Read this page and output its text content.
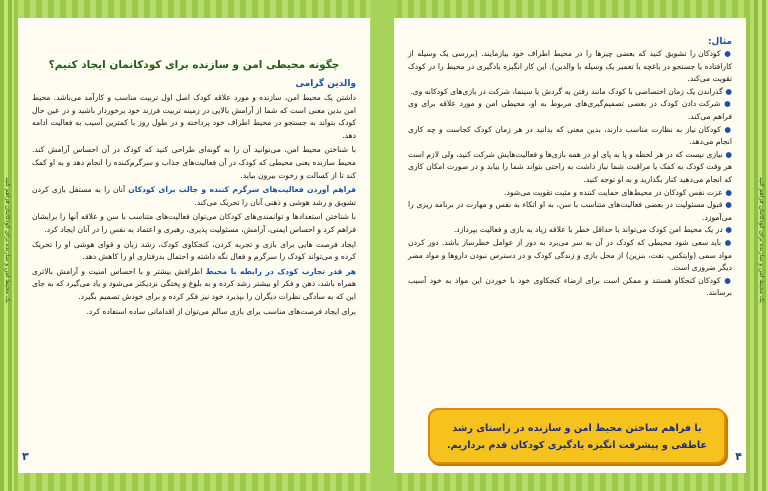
یک محیط امن و سازنده برای کودکانتان فراهم کنید	یک محیط امن و سازنده برای کودکانتان فراهم کنید
چگونه محیطی امن و سازنده برای کودکانمان ایجاد کنیم؟
والدین گرامی

داشتن یک محیط امن، سازنده و مورد علاقه کودک اصل اول تربیت مناسب و کارآمد می‌باشد. محیط امن بدین معنی است که شما از آرامش بالایی در زمینه تربیت فرزند خود برخوردار باشید و در عین حال کودک بتواند به جستجو در محیط اطراف خود پرداخته و در طول روز با کمترین آسیب به فعالیت ادامه دهد.

با شناختن محیط امن، می‌توانید آن را به گونه‌ای طراحی کنید که کودک در آن احساس آرامش کند. محیط سازنده یعنی محیطی که کودک در آن فعالیت‌های جذاب و سرگرم‌کننده را انجام دهد و به او کمک کند تا از کسالت و رخوت بیرون بیاید.

فراهم آوردن فعالیت‌های سرگرم کننده و جالب برای کودکان آنان را به مستقل بازی کردن تشویق و رشد هوشی و ذهنی آنان را تحریک می‌کند.

با شناختن استعدادها و توانمندی‌های کودکان می‌توان فعالیت‌های متناسب با سن و علاقه آنها را برایشان فراهم کرد و احساس ایمنی، آرامش، مسئولیت پذیری، رهبری و اعتماد به نفس را در آنان ایجاد کرد.

ایجاد فرصت هایی برای بازی و تجربه کردن، کنجکاوی کودک، رشد زبان و قوای هوشی او را تحریک کرده و می‌تواند کودک را سرگرم و فعال نگه داشته و احتمال بدرفتاری او را کاهش دهد.

هر قدر تجارب کودک در رابطه با محیط اطرافش بیشتر و با احساس امنیت و آرامش بالاتری همراه باشد، ذهن و فکر او بیشتر رشد کرده و به بلوغ و پختگی نزدیکتر می‌شود و یاد می‌گیرد که به جای این که به سادگی نظرات دیگران را بپذیرد خود نیز فکر کرده و برای خودش تصمیم بگیرد.

برای ایجاد فرصت‌های مناسب برای بازی سالم می‌توان از اقداماتی ساده استفاده کرد.

۳
مثال:

● کودکان را تشویق کنید که بعضی چیزها را در محیط اطراف خود بیازمایند. (بررسی یک وسیله از کارافتاده یا جستجو در باغچه یا تعمیر یک وسیله با والدین). این کار انگیزه یادگیری در محیط را در کودک تقویت می‌کند.

● گذراندن یک زمان اختصاصی با کودک مانند رفتن به گردش یا سینما، شرکت در بازی‌های کودکانه وی.

● شرکت دادن کودک در بعضی تصمیم‌گیری‌های مربوط به او، محیطی امن و مورد علاقه برای وی فراهم می‌کند.

● کودکان نیاز به نظارت مناسب دارند، بدین معنی که بدانید در هر زمان کودک کجاست و چه کاری انجام می‌دهد.

● نیازی نیست که در هر لحظه و پا به پای او در همه بازی‌ها و فعالیت‌هایش شرکت کنید، ولی لازم است هر وقت کودک به کمک یا مراقبت شما نیاز داشت به راحتی بتواند شما را بیابد و در صورت امکان کاری که انجام می‌دهید کنار بگذارید و به او توجه کنید.

● عزت نفس کودکان در محیط‌های حمایت کننده و مثبت تقویت می‌شود.

● قبول مسئولیت در بعضی فعالیت‌های متناسب با سن، به او اتکاء به نفس و مهارت در برنامه ریزی را می‌آموزد.

● در یک محیط امن کودک می‌تواند با حداقل خطر با علاقه زیاد به بازی و فعالیت بپردازد.

● باید سعی شود محیطی که کودک در آن به سر می‌برد به دور از عوامل خطرساز باشد. دور کردن مواد سمی (وایتکس، نفت، بنزین) از محل بازی و زندگی کودک و در دسترس نبودن داروها و مواد مضر دیگر ضروری است.

● کودکان کنجکاو هستند و ممکن است برای ارضاء کنجکاوی خود با خوردن این مواد به خود آسیب برسانند.

با فراهم ساختن محیط امن و سازنده در راستای رشد عاطفی و پیشرفت انگیزه یادگیری کودکان قدم برداریم.
۴
